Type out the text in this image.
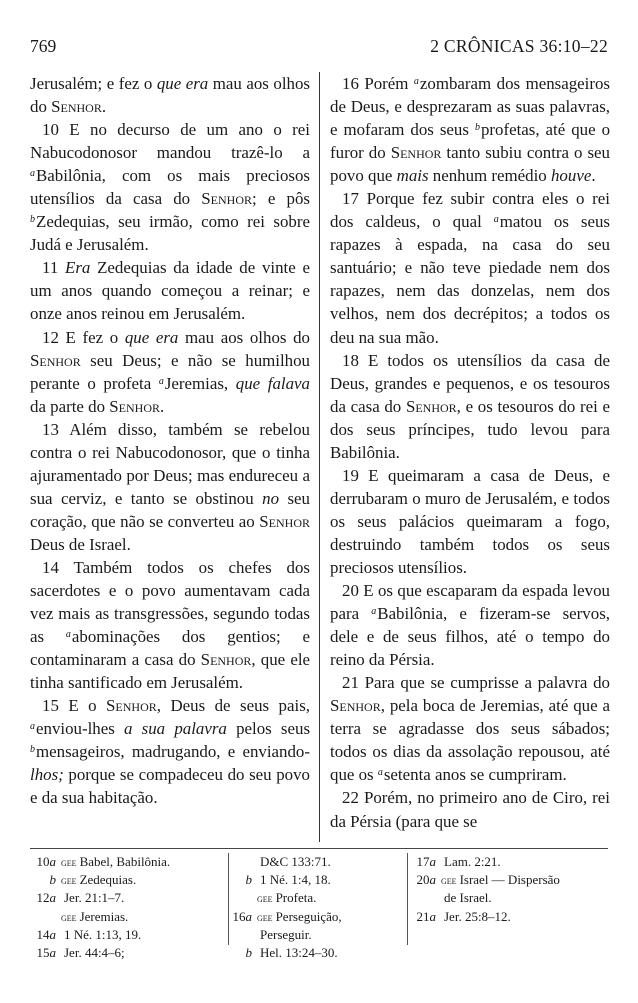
769	2 CRÔNICAS 36:10–22

Jerusalém; e fez o que era mau aos olhos do Senhor.

10 E no decurso de um ano o rei Nabucodonosor mandou trazê-lo a $^a$Babilônia, com os mais preciosos utensílios da casa do Senhor; e pôs $^b$Zedequias, seu irmão, como rei sobre Judá e Jerusalém.

11 Era Zedequias da idade de vinte e um anos quando começou a reinar; e onze anos reinou em Jerusalém.

12 E fez o que era mau aos olhos do Senhor seu Deus; e não se humilhou perante o profeta $^a$Jeremias, que falava da parte do Senhor.

13 Além disso, também se rebelou contra o rei Nabucodonosor, que o tinha ajuramentado por Deus; mas endureceu a sua cerviz, e tanto se obstinou no seu coração, que não se converteu ao Senhor Deus de Israel.

14 Também todos os chefes dos sacerdotes e o povo aumentavam cada vez mais as transgressões, segundo todas as $^a$abominações dos gentios; e contaminaram a casa do Senhor, que ele tinha santificado em Jerusalém.

15 E o Senhor, Deus de seus pais, $^a$enviou-lhes a sua palavra pelos seus $^b$mensageiros, madrugando, e enviando-lhos; porque se compadeceu do seu povo e da sua habitação.

16 Porém $^a$zombaram dos mensageiros de Deus, e desprezaram as suas palavras, e mofaram dos seus $^b$profetas, até que o furor do Senhor tanto subiu contra o seu povo que mais nenhum remédio houve.

17 Porque fez subir contra eles o rei dos caldeus, o qual $^a$matou os seus rapazes à espada, na casa do seu santuário; e não teve piedade nem dos rapazes, nem das donzelas, nem dos velhos, nem dos decrépitos; a todos os deu na sua mão.

18 E todos os utensílios da casa de Deus, grandes e pequenos, e os tesouros da casa do Senhor, e os tesouros do rei e dos seus príncipes, tudo levou para Babilônia.

19 E queimaram a casa de Deus, e derrubaram o muro de Jerusalém, e todos os seus palácios queimaram a fogo, destruindo também todos os seus preciosos utensílios.

20 E os que escaparam da espada levou para $^a$Babilônia, e fizeram-se servos, dele e de seus filhos, até o tempo do reino da Pérsia.

21 Para que se cumprisse a palavra do Senhor, pela boca de Jeremias, até que a terra se agradasse dos seus sábados; todos os dias da assolação repousou, até que os $^a$setenta anos se cumpriram.

22 Porém, no primeiro ano de Ciro, rei da Pérsia (para que se

10a gee Babel, Babilônia.
b gee Zedequias.
12a Jer. 21:1–7.
gee Jeremias.
14a 1 Né. 1:13, 19.
15a Jer. 44:4–6;
D&C 133:71.
b 1 Né. 1:4, 18.
gee Profeta.
16a gee Perseguição,
Perseguir.
b Hel. 13:24–30.
17a Lam. 2:21.
20a gee Israel — Dispersão
de Israel.
21a Jer. 25:8–12.
